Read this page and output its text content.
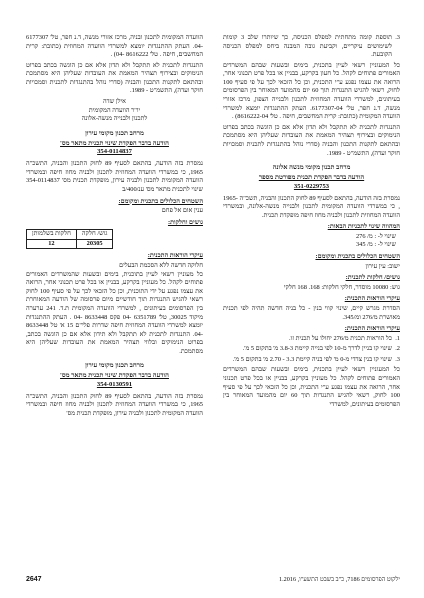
3.
תוספת קומה מתחתית למפלס הכניסה, כך שיותרו שלב 3 קומות לשימושים עיקריים, וקביעת גובה המבנה ביחס למפלס הכניסה הקובעת.

כל המעוניין רשאי לעיין בתכנית, בימים ובשעות שבהם המשרדים האמורים פתוחים לקהל. כל חעון בקרקע, בבניין או בכל פרט תכנוני אחר, הרואה את עצמו נפגע ע"י התכנית, וכן כל הזכאי לכך על פי סעיף 100 לחוק, רשאי להגיש התנגדות תוך 60 יום מהמועד המאוחר בין הפרסומים בעיתונים, למשרדי הוועדה המחוזית לתכנון ולבנייה הצפון, מרכז אזורי מנשה, ד.נ חפר, טל' 6177307-04. העתק ההתנגדות יומצא למשרדי הוועדה המקומית (כתובת: קרית המחשבים, חיפה . טל' 8616222-04) .

התנגדות לתכנית לא תתקבל ולא תדון אלא אם כן הוגשה בכתב בפרוט הנימוקים ובצירוף תצהיר המאמת את העובדות שעליהן היא מסתמכת ובהתאם לתקנות התכנון והבניה (סדרי נוהל בהתנגדות לתכנית וסמכויות חוקר ועדה), התשמ"ט - 1989.

מרחב תכנון מקומי מנשה אלונה
הודעה בדבר הפקדת תכנית מפורטת מספר
351-0229753

נמסרת בזה הודעה, בהתאם לסעיף 89 לחוק התכנון והבניה, תשכ"ה -1965 , כי במשרדי הוועדה המקומית לתכנון ולבנייה מנשה-אלונה, ובמשרדי הוועדה המחוזית לתכנון ולבניה מחוז חיפה מופקדת תכנית.

המהווה שינוי לתכניות הבאות:
שינוי ל- : מ/ 276
שינוי ל- : מ/ 345
השטחים הכלולים בתכנית ומקומם:
ישוב: עין עירון
גושים/ חלקות לתכנית:
גוש: 10080 מוסדר, חלקי חלקות: 168. 168 חלקי
עיקרי הוראות התכנית:

הסדרת מגרש קיים, שינוי קווי בנין - כל בניה חדשה תהיה לפי תכנית מאושרת מ/276 ומ/345.

עיקרי הוראות התכנית:
1.
כל הוראות תכנית מ/276 יחולו על תכנית זו.
2.
שינוי קו בניין לדרך מ-10 לפי בנייה קיימת 3.8-3 מ' בתקום 5 מ'.
3.
שינוי קו בנין צדדי מ-0 מ' לפי בניה קיימת 3.3 - 2.70 מ' בתקום 5 מ'.

כל המעוניין רשאי לעיין בתכנית, בימים ובשעות שבהם המשרדים האמורים פתוחים לקהל. כל מעוניין בקרקע, בבניין או בכל פרט תכנוני אחר, הרואה את עצמו נפגע ע"י התכנית, וכן כל הזכאי לכך על פי סעיף 100 לחוק, רשאי להגיש התנגדות תוך 60 יום מהמועד המאוחר בין הפרסומים בעיתונים, למשרדי

הוועדה המקומית לתכנון ובניה, מרכז אזורי מנשה, ד.נ חפר, טל' 6177307 -04. העתק ההתנגדות יומצא למשרדי הוועדה המחוזית (כתובת: קרית המחשבים, חיפה . טל' 8616222 -04) .

התנגדות לתכנית לא תתקבל ולא תדון אלא אם כן הוגשה בכתב בפרוט הנימוקים ובצירוף תצהיר המאמת את העובדות שעליהן היא מסתמכת ובהתאם לתקנות התכנון והבניה (סדרי נוהל בהתנגדות לתכנית וסמכויות חוקר ועדה), התשמ"ט - 1989.

אילן שדה
יו"ר הוועדה המקומית
לתכנון ולבנייה מנשה-אלונה
מרחב תכנון מקומי עירון
הודעה בדבר הפקדת שינוי תכנית מתאר מס'
354-0114837

נמסרת בזה הודעה, בהתאם לסעיף 89 לחוק התכנון והבניה, התשכ"ה 1965, כי במשרדי הוועדה המחוזית לתכנון ולבניה מחוז חיפה ובמשרדי הוועדה המקומית לתכנון ולבניה עירון, מופקדת תכנית מס' 354-0114837 שינוי לתכנית מתאר מס' ענ/400/ב

השטחים הכלולים בתכנית ומקומם:
ענין אום אל פחם
גושים וחלקות:
גוש/ חלקה	חלקות בשלמותן
20305	12
עיקרי הוראות התכנית:
חלוקה חדשה ללא הסכמת הבעלים

כל מעוניין רשאי לעיין בתוכנית, בימים ובשעות שהמשרדים האמורים פתוחים לקהל. כל מעוניין בקרקע, בבניין או בכל פרט תכנוני אחר, הרואה את עצמו נפגע על ידי התוכנית, וכן כל הזכאי לכך על פי סעיף 100 לחוק רשאי להגיש התנגדות תוך חודשיים מיום פרסומה של הודעה המאוחרת בין הפרסומים בעיתונים , למשרדי הוועדה המקומית ת.ד. 241 ערערה מיקוד 30025, טל' 6351789 -04 פקס 8633448 -04 . העתק ההתנגדות יומצא למשרדי הוועדה המחוזית חיפה שדרות פלי"ם 15 א' טל 8633448 -04. התנגדות לתכנית לא תתקבל ולא תידון אלא אם כן הוגשה בכתב, בפרוט הנימוקים ובלווי תצהיר המאמת את העובדות שעליהן היא מסתמכת.

מרחב תכנון מקומי עירון
הודעה בדבר הפקדת שינוי תכנית מתאר מס'
354-0130591

נמסרת בזה הודעה, בהתאם לסעיף 89 לחוק התכנון והבניה, התשכ"ה 1965, כי במשרדי הוועדה המחוזית לתכנון ולבניה מחוז חיפה ובמשרדי הוועדה המקומית לתכנון ולבניה עירון, מופקדת תכנית מס'

ילקוט הפרסומים 7186, כ"ב בשבט התשע"ו, 1.2016
2647
